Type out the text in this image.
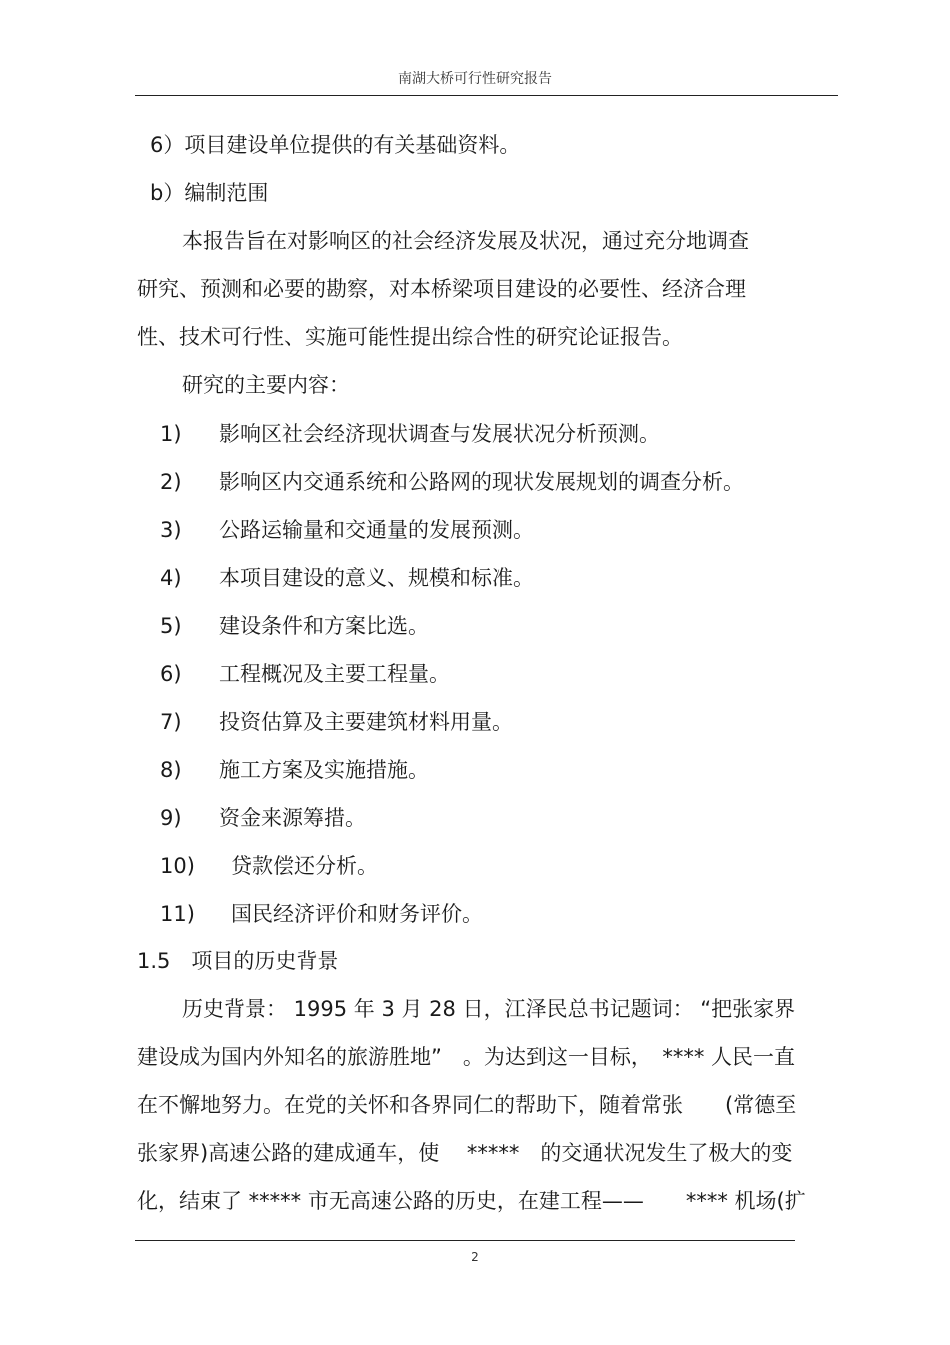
南湖大桥可行性研究报告
6）项目建设单位提供的有关基础资料。
b）编制范围
本报告旨在对影响区的社会经济发展及状况，通过充分地调查
研究、预测和必要的勘察，对本桥梁项目建设的必要性、经济合理
性、技术可行性、实施可能性提出综合性的研究论证报告。
研究的主要内容：
1) 影响区社会经济现状调查与发展状况分析预测。
2) 影响区内交通系统和公路网的现状发展规划的调查分析。
3) 公路运输量和交通量的发展预测。
4) 本项目建设的意义、规模和标准。
5) 建设条件和方案比选。
6) 工程概况及主要工程量。
7) 投资估算及主要建筑材料用量。
8) 施工方案及实施措施。
9) 资金来源筹措。
10) 贷款偿还分析。
11) 国民经济评价和财务评价。
1.5　项目的历史背景
历史背景： 1995 年 3 月 28 日，江泽民总书记题词： “把张家界
建设成为国内外知名的旅游胜地”　。为达到这一目标，　**** 人民一直
在不懈地努力。在党的关怀和各界同仁的帮助下，随着常张　　(常德至
张家界)高速公路的建成通车，使　 *****　的交通状况发生了极大的变
化，结束了 ***** 市无高速公路的历史，在建工程——　　**** 机场(扩
2
